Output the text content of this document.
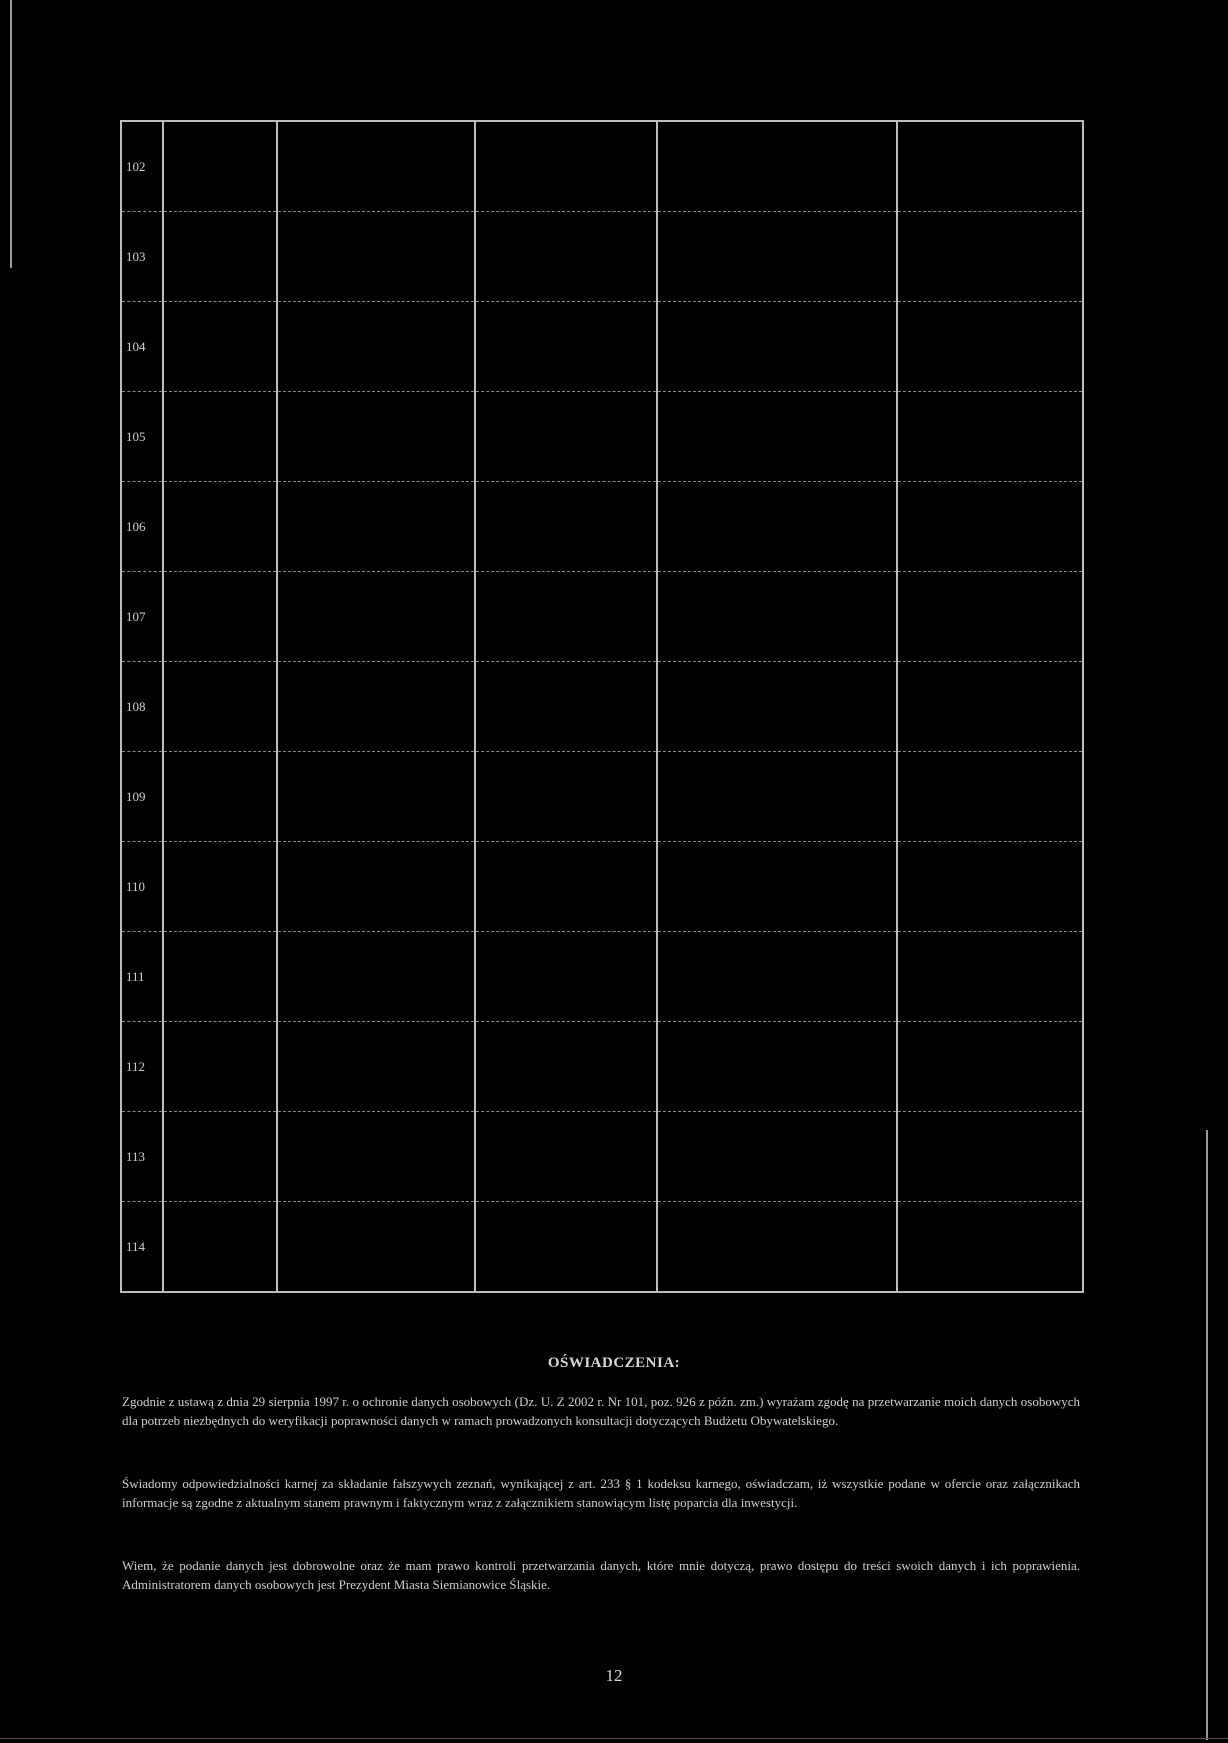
102					
103					
104					
105					
106					
107					
108					
109					
110					
111					
112					
113					
114					
OŚWIADCZENIA:
Zgodnie z ustawą z dnia 29 sierpnia 1997 r. o ochronie danych osobowych (Dz. U. Z 2002 r. Nr 101, poz. 926 z późn. zm.) wyrażam zgodę na przetwarzanie moich danych osobowych dla potrzeb niezbędnych do weryfikacji poprawności danych w ramach prowadzonych konsultacji dotyczących Budżetu Obywatelskiego.
Świadomy odpowiedzialności karnej za składanie fałszywych zeznań, wynikającej z art. 233 § 1 kodeksu karnego, oświadczam, iż wszystkie podane w ofercie oraz załącznikach informacje są zgodne z aktualnym stanem prawnym i faktycznym wraz z załącznikiem stanowiącym listę poparcia dla inwestycji.
Wiem, że podanie danych jest dobrowolne oraz że mam prawo kontroli przetwarzania danych, które mnie dotyczą, prawo dostępu do treści swoich danych i ich poprawienia. Administratorem danych osobowych jest Prezydent Miasta Siemianowice Śląskie.
12
